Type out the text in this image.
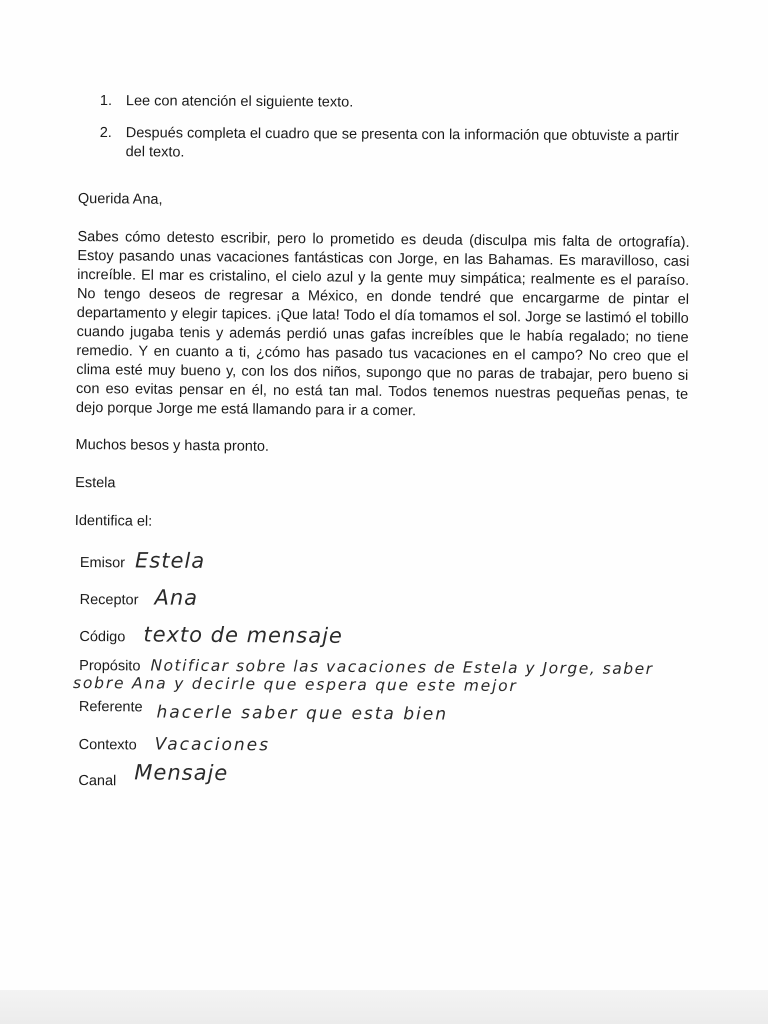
1. Lee con atención el siguiente texto.
2. Después completa el cuadro que se presenta con la información que obtuviste a partir del texto.

Querida Ana,

Sabes cómo detesto escribir, pero lo prometido es deuda (disculpa mis falta de ortografía). Estoy pasando unas vacaciones fantásticas con Jorge, en las Bahamas. Es maravilloso, casi increíble. El mar es cristalino, el cielo azul y la gente muy simpática; realmente es el paraíso. No tengo deseos de regresar a México, en donde tendré que encargarme de pintar el departamento y elegir tapices. ¡Que lata! Todo el día tomamos el sol. Jorge se lastimó el tobillo cuando jugaba tenis y además perdió unas gafas increíbles que le había regalado; no tiene remedio. Y en cuanto a ti, ¿cómo has pasado tus vacaciones en el campo? No creo que el clima esté muy bueno y, con los dos niños, supongo que no paras de trabajar, pero bueno si con eso evitas pensar en él, no está tan mal. Todos tenemos nuestras pequeñas penas, te dejo porque Jorge me está llamando para ir a comer.

Muchos besos y hasta pronto.

Estela

Identifica el:

Emisor Estela
Receptor Ana
Código texto de mensaje
Propósito Notificar sobre las vacaciones de Estela y Jorge, saber
sobre Ana y decirle que espera que este mejor
Referente hacerle saber que esta bien
Contexto Vacaciones
Canal Mensaje
